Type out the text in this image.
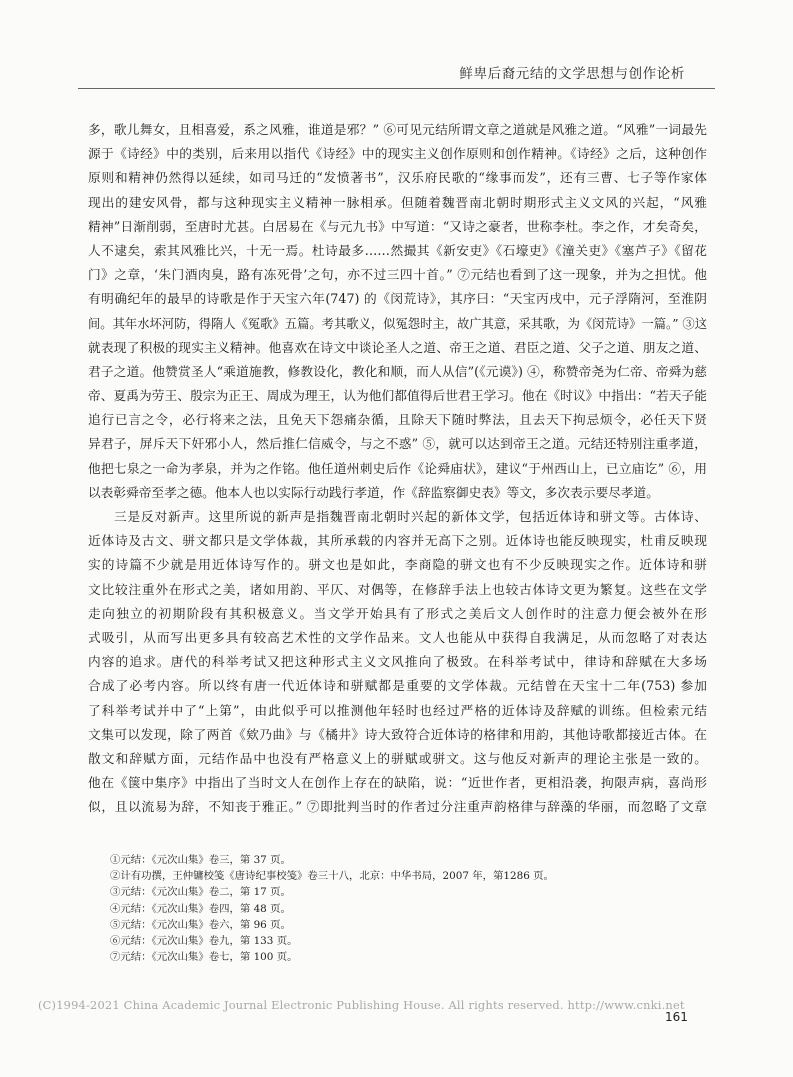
鲜卑后裔元结的文学思想与创作论析
多，歌儿舞女，且相喜爱，系之风雅，谁道是邪？” ⑥可见元结所谓文章之道就是风雅之道。“风雅”一词最先
源于《诗经》中的类别，后来用以指代《诗经》中的现实主义创作原则和创作精神。《诗经》之后，这种创作
原则和精神仍然得以延续，如司马迁的“发愤著书”，汉乐府民歌的“缘事而发”，还有三曹、七子等作家体
现出的建安风骨，都与这种现实主义精神一脉相承。但随着魏晋南北朝时期形式主义文风的兴起，“风雅
精神”日渐削弱，至唐时尤甚。白居易在《与元九书》中写道：“又诗之豪者，世称李杜。李之作，才矣奇矣，
人不逮矣，索其风雅比兴，十无一焉。杜诗最多……然撮其《新安吏》《石壕吏》《潼关吏》《塞芦子》《留花
门》之章，‘朱门酒肉臭，路有冻死骨’之句，亦不过三四十首。” ⑦元结也看到了这一现象，并为之担忧。他
有明确纪年的最早的诗歌是作于天宝六年(747) 的《闵荒诗》，其序曰：“天宝丙戌中，元子浮隋河，至淮阴
间。其年水坏河防，得隋人《冤歌》五篇。考其歌义，似冤怨时主，故广其意，采其歌，为《闵荒诗》一篇。” ③这
就表现了积极的现实主义精神。他喜欢在诗文中谈论圣人之道、帝王之道、君臣之道、父子之道、朋友之道、
君子之道。他赞赏圣人“乘道施教，修教设化，教化和顺，而人从信”(《元谟》) ④，称赞帝尧为仁帝、帝舜为慈
帝、夏禹为劳王、殷宗为正王、周成为理王，认为他们都值得后世君王学习。他在《时议》中指出：“若天子能
追行已言之令，必行将来之法，且免天下怨痛杂循，且除天下随时弊法，且去天下拘忌烦令，必任天下贤
异君子，屏斥天下奸邪小人，然后推仁信威令，与之不惑” ⑤，就可以达到帝王之道。元结还特别注重孝道，
他把七泉之一命为孝泉，并为之作铭。他任道州刺史后作《论舜庙状》，建议“于州西山上，已立庙讫” ⑥，用
以表彰舜帝至孝之德。他本人也以实际行动践行孝道，作《辞监察御史表》等文，多次表示要尽孝道。
三是反对新声。这里所说的新声是指魏晋南北朝时兴起的新体文学，包括近体诗和骈文等。古体诗、
近体诗及古文、骈文都只是文学体裁，其所承载的内容并无高下之别。近体诗也能反映现实，杜甫反映现
实的诗篇不少就是用近体诗写作的。骈文也是如此，李商隐的骈文也有不少反映现实之作。近体诗和骈
文比较注重外在形式之美，诸如用韵、平仄、对偶等，在修辞手法上也较古体诗文更为繁复。这些在文学
走向独立的初期阶段有其积极意义。当文学开始具有了形式之美后文人创作时的注意力便会被外在形
式吸引，从而写出更多具有较高艺术性的文学作品来。文人也能从中获得自我满足，从而忽略了对表达
内容的追求。唐代的科举考试又把这种形式主义文风推向了极致。在科举考试中，律诗和辞赋在大多场
合成了必考内容。所以终有唐一代近体诗和骈赋都是重要的文学体裁。元结曾在天宝十二年(753) 参加
了科举考试并中了“上第”，由此似乎可以推测他年轻时也经过严格的近体诗及辞赋的训练。但检索元结
文集可以发现，除了两首《欸乃曲》与《橘井》诗大致符合近体诗的格律和用韵，其他诗歌都接近古体。在
散文和辞赋方面，元结作品中也没有严格意义上的骈赋或骈文。这与他反对新声的理论主张是一致的。
他在《箧中集序》中指出了当时文人在创作上存在的缺陷，说：“近世作者，更相沿袭，拘限声病，喜尚形
似，且以流易为辞，不知丧于雅正。” ⑦即批判当时的作者过分注重声韵格律与辞藻的华丽，而忽略了文章
①元结：《元次山集》卷三，第 37 页。
②计有功撰，王仲镛校笺《唐诗纪事校笺》卷三十八，北京：中华书局，2007 年，第1286 页。
③元结：《元次山集》卷二，第 17 页。
④元结：《元次山集》卷四，第 48 页。
⑤元结：《元次山集》卷六，第 96 页。
⑥元结：《元次山集》卷九，第 133 页。
⑦元结：《元次山集》卷七，第 100 页。
(C)1994-2021 China Academic Journal Electronic Publishing House. All rights reserved. http://www.cnki.net
161
